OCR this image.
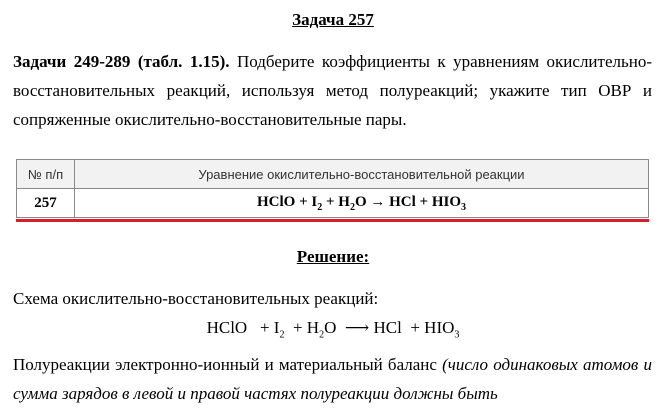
Задача 257
Задачи 249-289 (табл. 1.15). Подберите коэффициенты к уравнениям окислительно-восстановительных реакций, используя метод полуреакций; укажите тип ОВР и сопряженные окислительно-восстановительные пары.
№ п/п	Уравнение окислительно-восстановительной реакции
257	HClO + $I_2 + H_2O$ → HCl + $HIO_3$
Решение:
Схема окислительно-восстановительных реакций:
HClO   + $I_2 + H_2O$  ⟶ HCl  + $HIO_3$
Полуреакции электронно-ионный и материальный баланс (число одинаковых атомов и сумма зарядов в левой и правой частях полуреакции должны быть
